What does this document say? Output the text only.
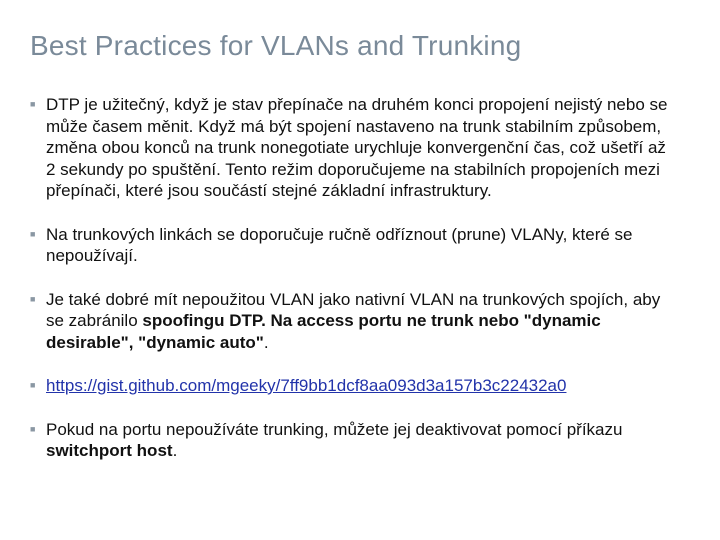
Best Practices for VLANs and Trunking
■ DTP je užitečný, když je stav přepínače na druhém konci propojení nejistý nebo se může časem měnit. Když má být spojení nastaveno na trunk stabilním způsobem, změna obou konců na trunk nonegotiate urychluje konvergenční čas, což ušetří až 2 sekundy po spuštění. Tento režim doporučujeme na stabilních propojeních mezi přepínači, které jsou součástí stejné základní infrastruktury.
■ Na trunkových linkách se doporučuje ručně odříznout (prune) VLANy, které se nepoužívají.
■ Je také dobré mít nepoužitou VLAN jako nativní VLAN na trunkových spojích, aby se zabránilo spoofingu DTP. Na access portu ne trunk nebo "dynamic desirable", "dynamic auto".
■ https://gist.github.com/mgeeky/7ff9bb1dcf8aa093d3a157b3c22432a0
■ Pokud na portu nepoužíváte trunking, můžete jej deaktivovat pomocí příkazu switchport host.
